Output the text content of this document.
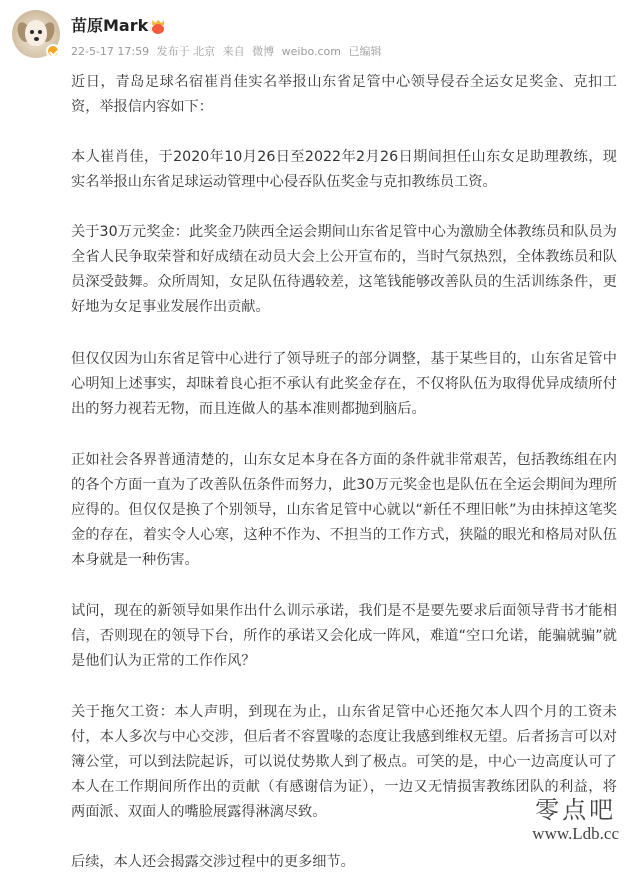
苗原Mark
22-5-17 17:59 发布于 北京 来自 微博 weibo.com 已编辑

近日，青岛足球名宿崔肖佳实名举报山东省足管中心领导侵吞全运女足奖金、克扣工资，举报信内容如下：

本人崔肖佳，于2020年10月26日至2022年2月26日期间担任山东女足助理教练，现实名举报山东省足球运动管理中心侵吞队伍奖金与克扣教练员工资。

关于30万元奖金：此奖金乃陕西全运会期间山东省足管中心为激励全体教练员和队员为全省人民争取荣誉和好成绩在动员大会上公开宣布的，当时气氛热烈，全体教练员和队员深受鼓舞。众所周知，女足队伍待遇较差，这笔钱能够改善队员的生活训练条件，更好地为女足事业发展作出贡献。

但仅仅因为山东省足管中心进行了领导班子的部分调整，基于某些目的，山东省足管中心明知上述事实，却昧着良心拒不承认有此奖金存在，不仅将队伍为取得优异成绩所付出的努力视若无物，而且连做人的基本准则都抛到脑后。

正如社会各界普通清楚的，山东女足本身在各方面的条件就非常艰苦，包括教练组在内的各个方面一直为了改善队伍条件而努力，此30万元奖金也是队伍在全运会期间为理所应得的。但仅仅是换了个别领导，山东省足管中心就以“新任不理旧帐”为由抹掉这笔奖金的存在，着实令人心寒，这种不作为、不担当的工作方式，狭隘的眼光和格局对队伍本身就是一种伤害。

试问，现在的新领导如果作出什么训示承诺，我们是不是要先要求后面领导背书才能相信，否则现在的领导下台，所作的承诺又会化成一阵风，难道“空口允诺，能骗就骗”就是他们认为正常的工作作风？

关于拖欠工资：本人声明，到现在为止，山东省足管中心还拖欠本人四个月的工资未付，本人多次与中心交涉，但后者不容置喙的态度让我感到维权无望。后者扬言可以对簿公堂，可以到法院起诉，可以说仗势欺人到了极点。可笑的是，中心一边高度认可了本人在工作期间所作出的贡献（有感谢信为证），一边又无情损害教练团队的利益，将两面派、双面人的嘴脸展露得淋漓尽致。

后续，本人还会揭露交涉过程中的更多细节。

零点吧
www.Ldb.cc
